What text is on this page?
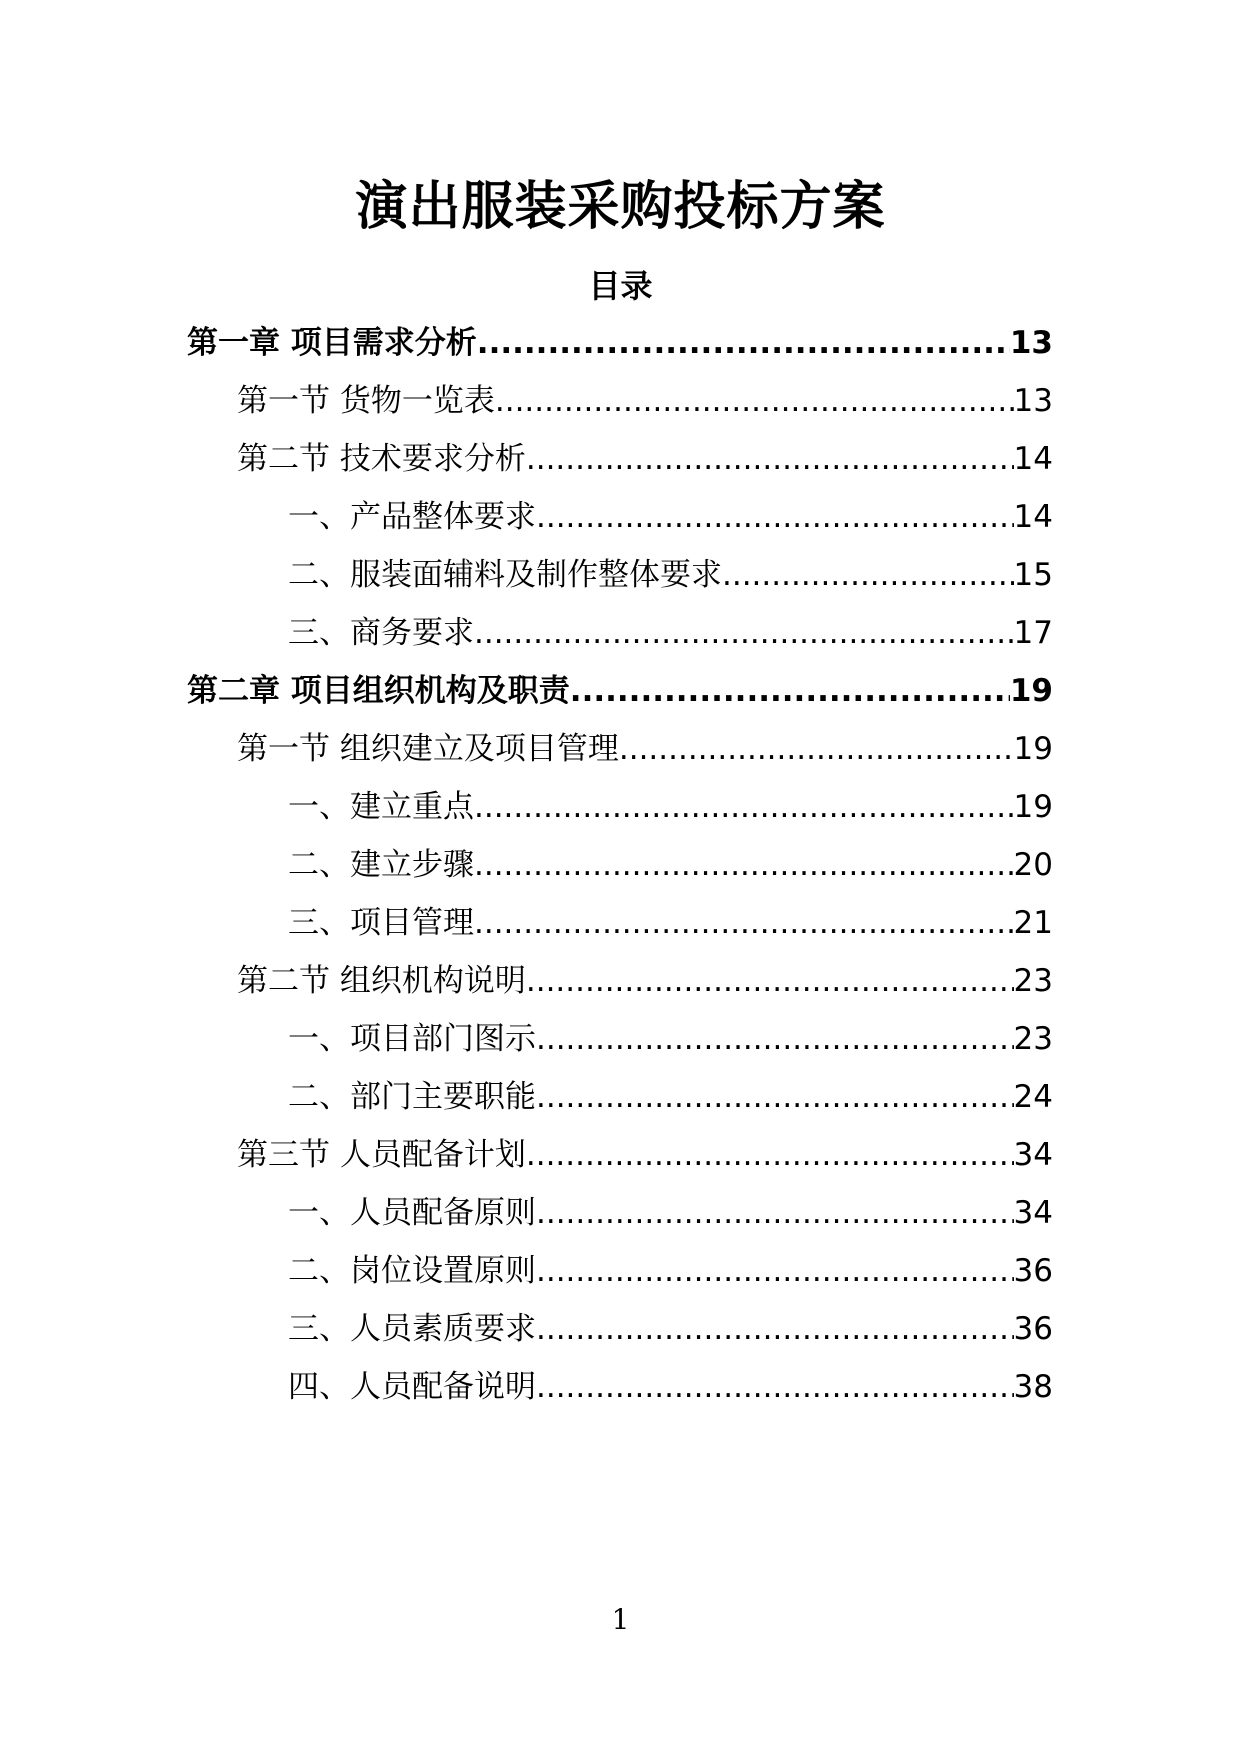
演出服装采购投标方案
目录
第一章 项目需求分析 .....	13
第一节 货物一览表 .....	13
第二节 技术要求分析 .....	14
一、产品整体要求 .....	14
二、服装面辅料及制作整体要求 .....	15
三、商务要求 .....	17
第二章 项目组织机构及职责 .....	19
第一节 组织建立及项目管理 .....	19
一、建立重点 .....	19
二、建立步骤 .....	20
三、项目管理 .....	21
第二节 组织机构说明 .....	23
一、项目部门图示 .....	23
二、部门主要职能 .....	24
第三节 人员配备计划 .....	34
一、人员配备原则 .....	34
二、岗位设置原则 .....	36
三、人员素质要求 .....	36
四、人员配备说明 .....	38
1
